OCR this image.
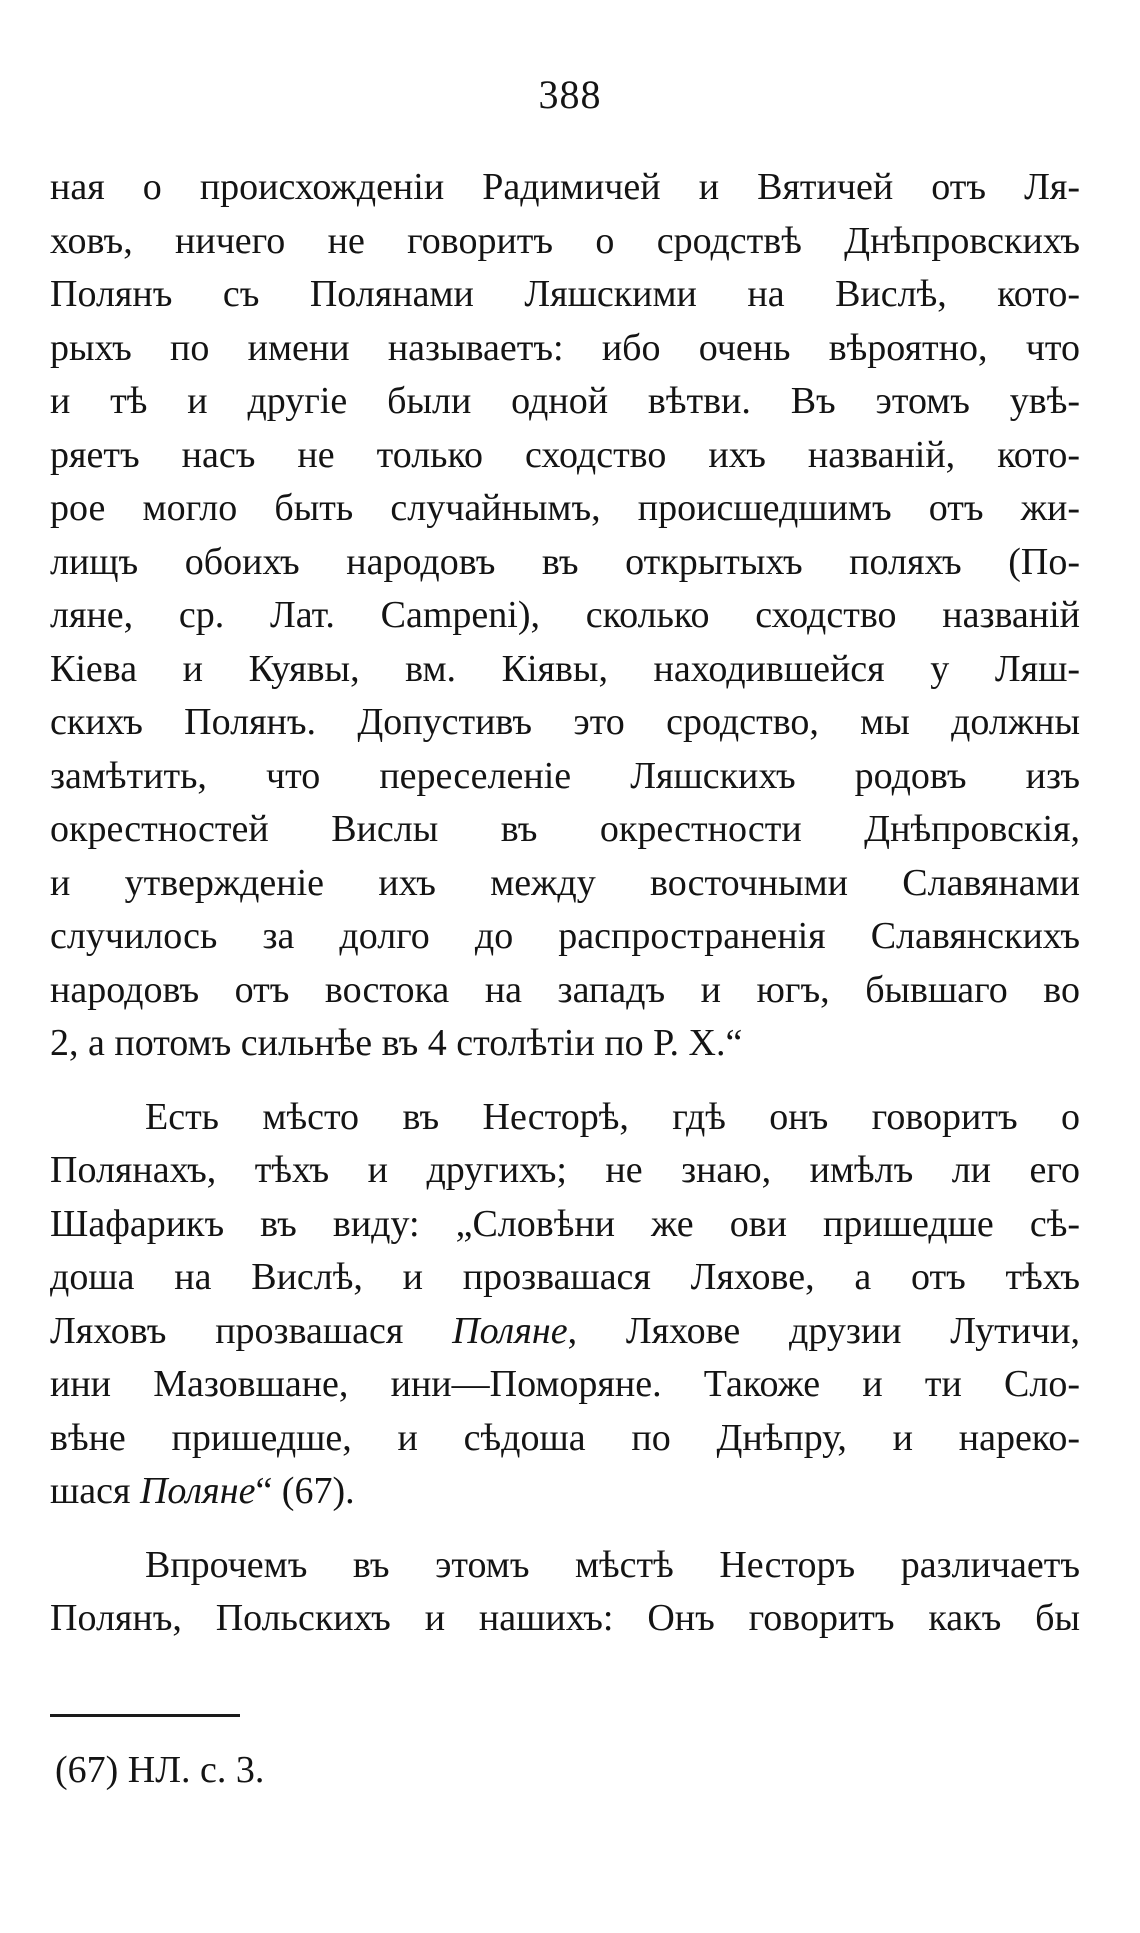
388

ная о происхожденіи Радимичей и Вятичей отъ Ля-
ховъ, ничего не говоритъ о сродствѣ Днѣпровскихъ
Полянъ съ Полянами Ляшскими на Вислѣ, кото-
рыхъ по имени называетъ: ибо очень вѣроятно, что
и тѣ и другіе были одной вѣтви. Въ этомъ увѣ-
ряетъ насъ не только сходство ихъ названій, кото-
рое могло быть случайнымъ, происшедшимъ отъ жи-
лищъ обоихъ народовъ въ открытыхъ поляхъ (По-
ляне, ср. Лат. Campeni), сколько сходство названій
Кіева и Куявы, вм. Кіявы, находившейся у Ляш-
скихъ Полянъ. Допустивъ это сродство, мы должны
замѣтить, что переселеніе Ляшскихъ родовъ изъ
окрестностей Вислы въ окрестности Днѣпровскія,
и утвержденіе ихъ между восточными Славянами
случилось за долго до распространенія Славянскихъ
народовъ отъ востока на западъ и югъ, бывшаго во
2, а потомъ сильнѣе въ 4 столѣтіи по Р. Х.“

Есть мѣсто въ Несторѣ, гдѣ онъ говоритъ о
Полянахъ, тѣхъ и другихъ; не знаю, имѣлъ ли его
Шафарикъ въ виду: „Словѣни же ови пришедше сѣ-
доша на Вислѣ, и прозвашася Ляхове, а отъ тѣхъ
Ляховъ прозвашася Поляне, Ляхове друзии Лутичи,
ини Мазовшане, ини—Поморяне. Такоже и ти Сло-
вѣне пришедше, и сѣдоша по Днѣпру, и нареко-
шася Поляне“ (67).

Впрочемъ въ этомъ мѣстѣ Несторъ различаетъ
Полянъ, Польскихъ и нашихъ: Онъ говоритъ какъ бы

(67) НЛ. с. 3.
